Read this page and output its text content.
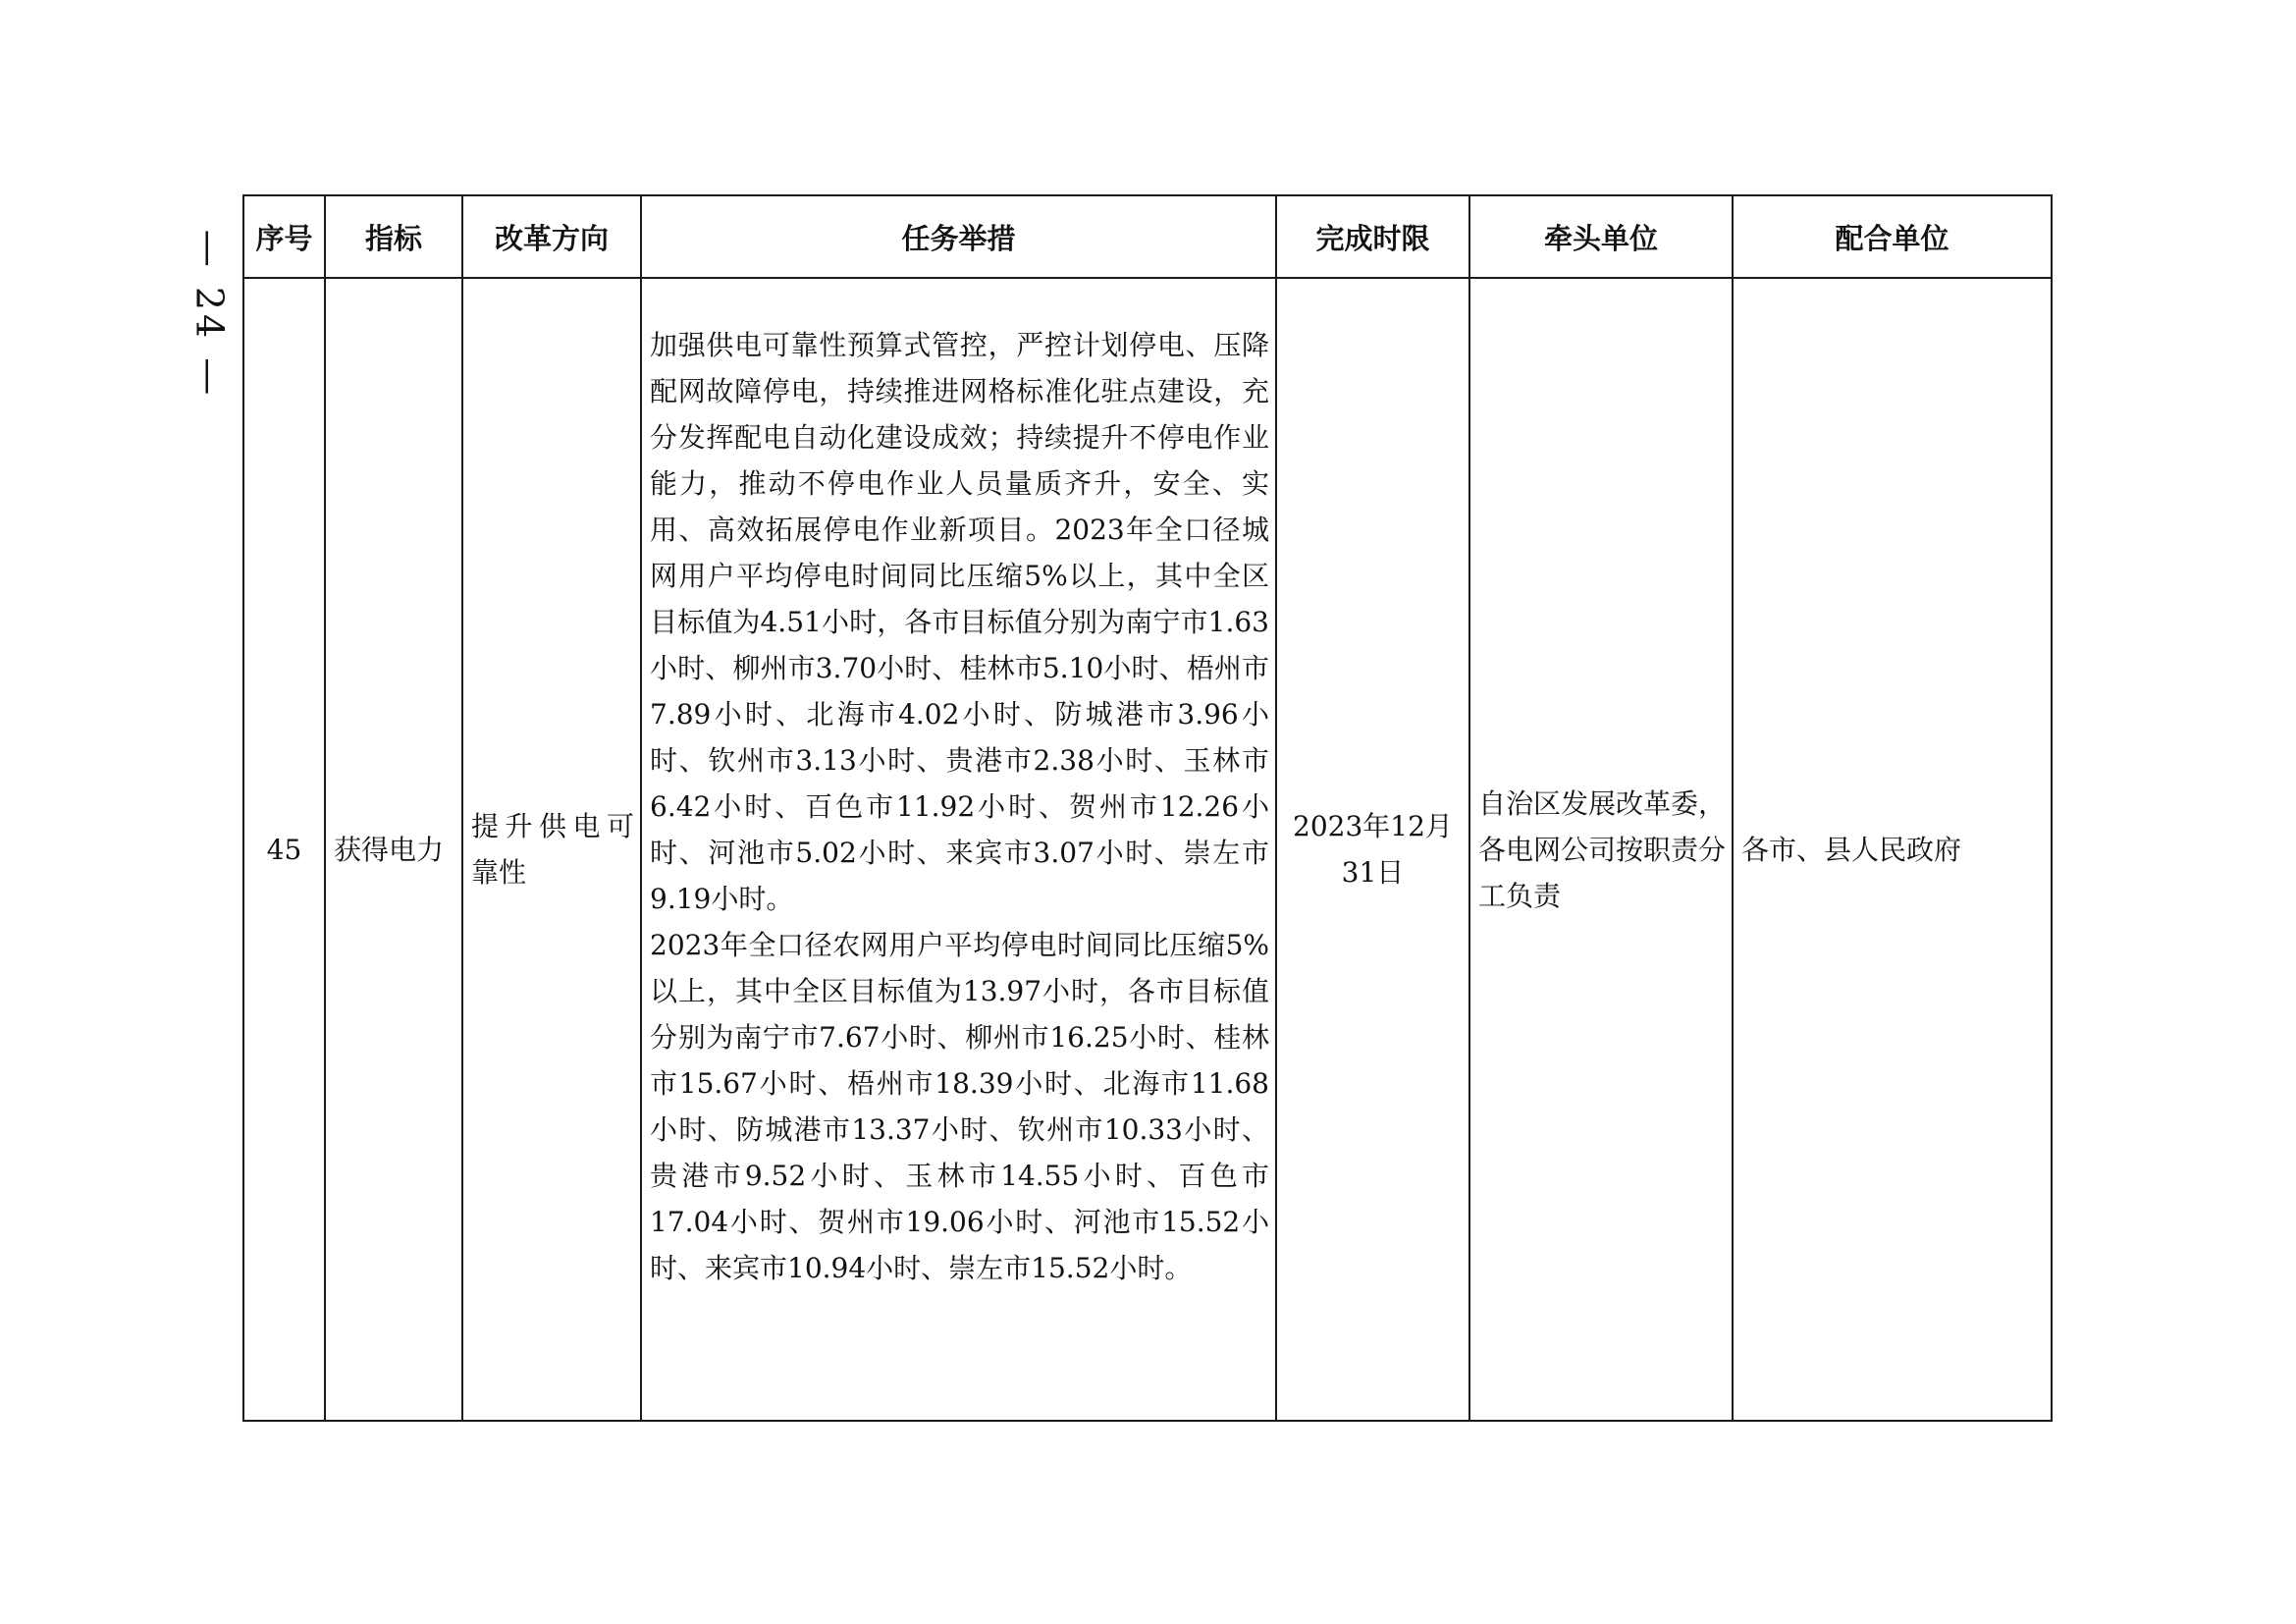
— 24 — 序号	指标	改革方向	任务举措	完成时限	牵头单位	配合单位
45	获得电力	提升供电可靠性	加强供电可靠性预算式管控，严控计划停电、压降配网故障停电，持续推进网格标准化驻点建设，充分发挥配电自动化建设成效；持续提升不停电作业能力，推动不停电作业人员量质齐升，安全、实用、高效拓展停电作业新项目。2023年全口径城网用户平均停电时间同比压缩5%以上，其中全区目标值为4.51小时，各市目标值分别为南宁市1.63小时、柳州市3.70小时、桂林市5.10小时、梧州市7.89小时、北海市4.02小时、防城港市3.96小时、钦州市3.13小时、贵港市2.38小时、玉林市6.42小时、百色市11.92小时、贺州市12.26小时、河池市5.02小时、来宾市3.07小时、崇左市9.19小时。

2023年全口径农网用户平均停电时间同比压缩5%以上，其中全区目标值为13.97小时，各市目标值分别为南宁市7.67小时、柳州市16.25小时、桂林市15.67小时、梧州市18.39小时、北海市11.68小时、防城港市13.37小时、钦州市10.33小时、贵港市9.52小时、玉林市14.55小时、百色市17.04小时、贺州市19.06小时、河池市15.52小时、来宾市10.94小时、崇左市15.52小时。	2023年12月31日	自治区发展改革委，各电网公司按职责分工负责	各市、县人民政府
